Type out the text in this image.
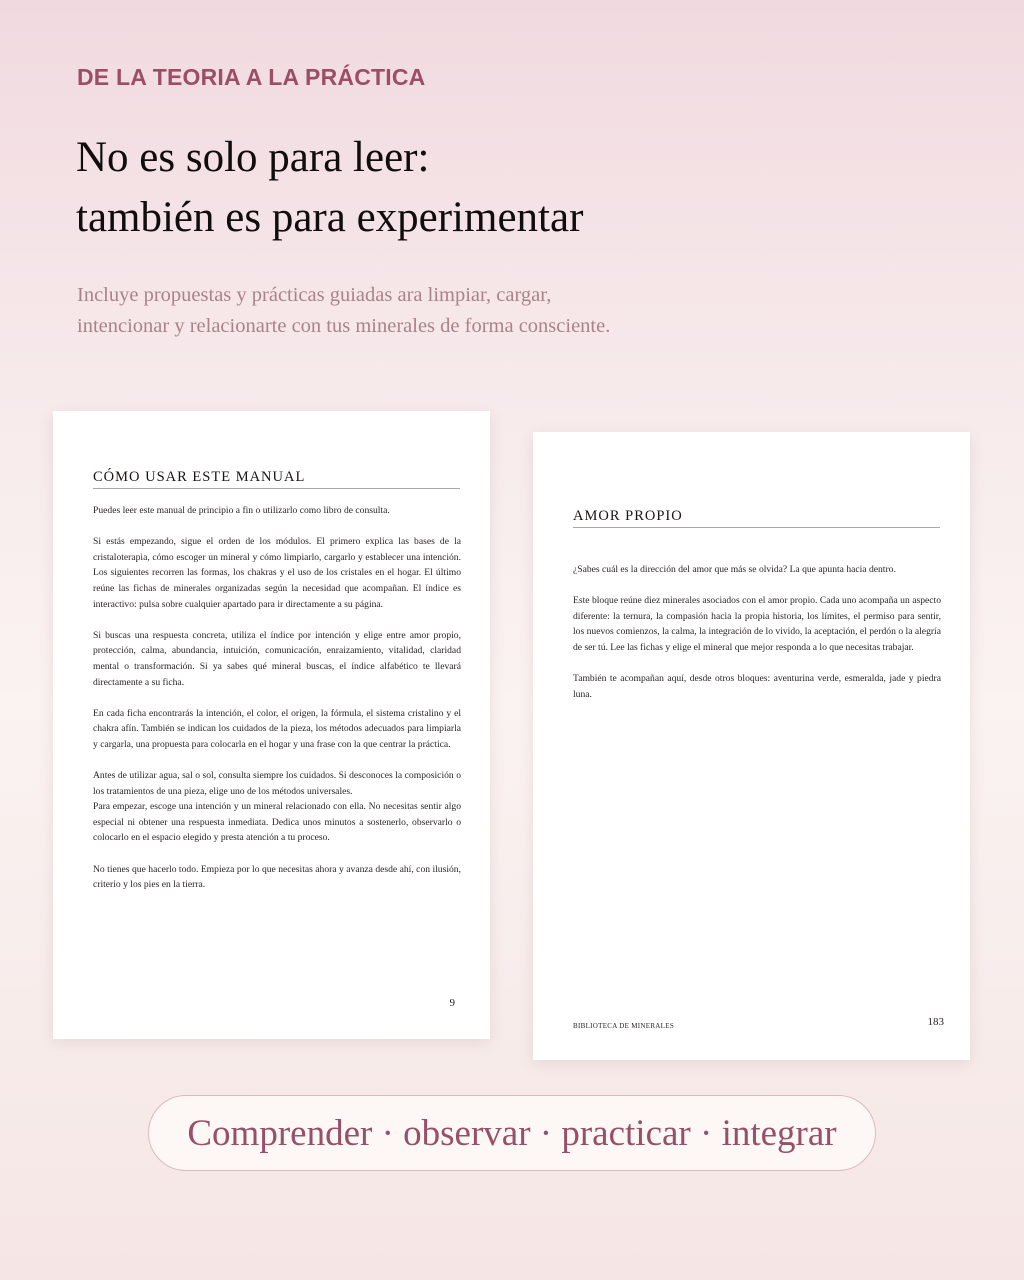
DE LA TEORIA A LA PRÁCTICA
No es solo para leer:
también es para experimentar
Incluye propuestas y prácticas guiadas ara limpiar, cargar,
intencionar y relacionarte con tus minerales de forma consciente.
CÓMO USAR ESTE MANUAL

Puedes leer este manual de principio a fin o utilizarlo como libro de consulta.

Si estás empezando, sigue el orden de los módulos. El primero explica las bases de la cristaloterapia, cómo escoger un mineral y cómo limpiarlo, cargarlo y establecer una intención. Los siguientes recorren las formas, los chakras y el uso de los cristales en el hogar. El último reúne las fichas de minerales organizadas según la necesidad que acompañan. El índice es interactivo: pulsa sobre cualquier apartado para ir directamente a su página.

Si buscas una respuesta concreta, utiliza el índice por intención y elige entre amor propio, protección, calma, abundancia, intuición, comunicación, enraizamiento, vitalidad, claridad mental o transformación. Si ya sabes qué mineral buscas, el índice alfabético te llevará directamente a su ficha.

En cada ficha encontrarás la intención, el color, el origen, la fórmula, el sistema cristalino y el chakra afín. También se indican los cuidados de la pieza, los métodos adecuados para limpiarla y cargarla, una propuesta para colocarla en el hogar y una frase con la que centrar la práctica.

Antes de utilizar agua, sal o sol, consulta siempre los cuidados. Si desconoces la composición o los tratamientos de una pieza, elige uno de los métodos universales.

Para empezar, escoge una intención y un mineral relacionado con ella. No necesitas sentir algo especial ni obtener una respuesta inmediata. Dedica unos minutos a sostenerlo, observarlo o colocarlo en el espacio elegido y presta atención a tu proceso.

No tienes que hacerlo todo. Empieza por lo que necesitas ahora y avanza desde ahí, con ilusión, criterio y los pies en la tierra.

9
AMOR PROPIO

¿Sabes cuál es la dirección del amor que más se olvida? La que apunta hacia dentro.

Este bloque reúne diez minerales asociados con el amor propio. Cada uno acompaña un aspecto diferente: la ternura, la compasión hacia la propia historia, los límites, el permiso para sentir, los nuevos comienzos, la calma, la integración de lo vivido, la aceptación, el perdón o la alegría de ser tú. Lee las fichas y elige el mineral que mejor responda a lo que necesitas trabajar.

También te acompañan aquí, desde otros bloques: aventurina verde, esmeralda, jade y piedra luna.

BIBLIOTECA DE MINERALES	183
Comprender · observar · practicar · integrar
